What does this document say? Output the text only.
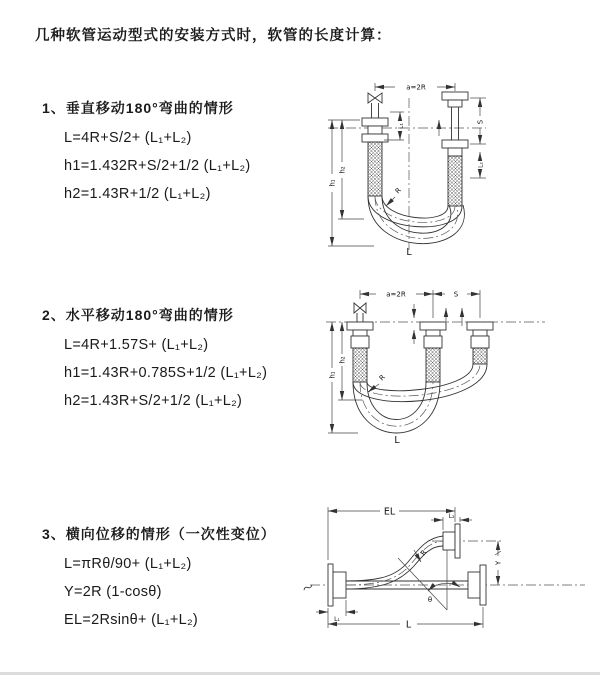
几种软管运动型式的安装方式时，软管的长度计算：
1、垂直移动180°弯曲的情形
L=4R+S/2+ (L₁+L₂)
h1=1.432R+S/2+1/2 (L₁+L₂)
h2=1.43R+1/2 (L₁+L₂)
2、水平移动180°弯曲的情形
L=4R+1.57S+ (L₁+L₂)
h1=1.43R+0.785S+1/2 (L₁+L₂)
h2=1.43R+S/2+1/2 (L₁+L₂)
3、横向位移的情形（一次性变位）
L=πRθ/90+ (L₁+L₂)
Y=2R (1-cosθ)
EL=2Rsinθ+ (L₁+L₂)
a=2R
L₁
S
L₂
h₁
h₂
R
L
a=2R	S
h₁
h₂
R
L
EL	L₂
Y
θ
R
L₁	L
